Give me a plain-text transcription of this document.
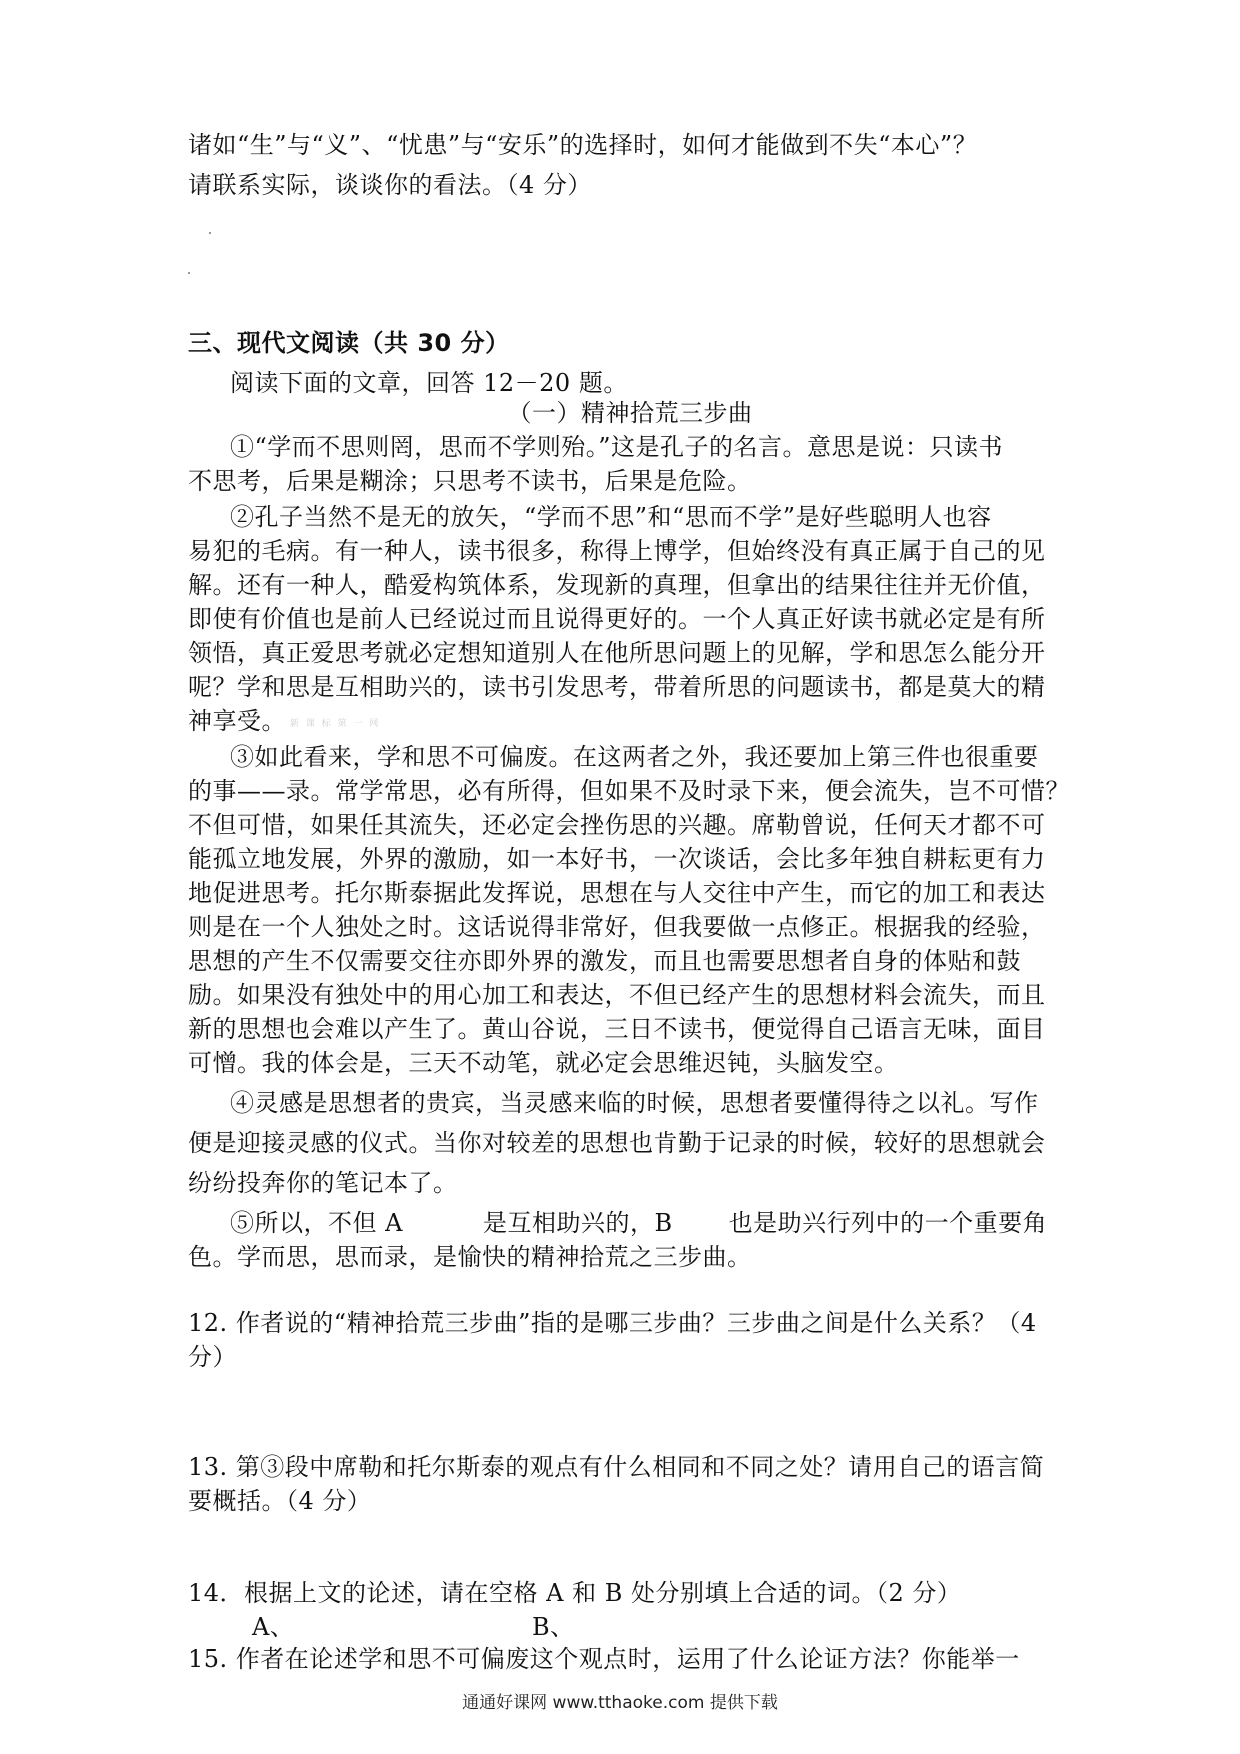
诸如“生”与“义”、“忧患”与“安乐”的选择时，如何才能做到不失“本心”？
请联系实际，谈谈你的看法。（4 分）
三、现代文阅读（共 30 分）
阅读下面的文章，回答 12－20 题。
（一）精神拾荒三步曲
①“学而不思则罔，思而不学则殆。”这是孔子的名言。意思是说：只读书
不思考，后果是糊涂；只思考不读书，后果是危险。
②孔子当然不是无的放矢，“学而不思”和“思而不学”是好些聪明人也容
易犯的毛病。有一种人，读书很多，称得上博学，但始终没有真正属于自己的见
解。还有一种人，酷爱构筑体系，发现新的真理，但拿出的结果往往并无价值，
即使有价值也是前人已经说过而且说得更好的。一个人真正好读书就必定是有所
领悟，真正爱思考就必定想知道别人在他所思问题上的见解，学和思怎么能分开
呢？学和思是互相助兴的，读书引发思考，带着所思的问题读书，都是莫大的精
神享受。 新 课 标 第 一 网
③如此看来，学和思不可偏废。在这两者之外，我还要加上第三件也很重要
的事——录。常学常思，必有所得，但如果不及时录下来，便会流失，岂不可惜？
不但可惜，如果任其流失，还必定会挫伤思的兴趣。席勒曾说，任何天才都不可
能孤立地发展，外界的激励，如一本好书，一次谈话，会比多年独自耕耘更有力
地促进思考。托尔斯泰据此发挥说，思想在与人交往中产生，而它的加工和表达
则是在一个人独处之时。这话说得非常好，但我要做一点修正。根据我的经验，
思想的产生不仅需要交往亦即外界的激发，而且也需要思想者自身的体贴和鼓
励。如果没有独处中的用心加工和表达，不但已经产生的思想材料会流失，而且
新的思想也会难以产生了。黄山谷说，三日不读书，便觉得自己语言无味，面目
可憎。我的体会是，三天不动笔，就必定会思维迟钝，头脑发空。
④灵感是思想者的贵宾，当灵感来临的时候，思想者要懂得待之以礼。写作
便是迎接灵感的仪式。当你对较差的思想也肯勤于记录的时候，较好的思想就会
纷纷投奔你的笔记本了。
⑤所以，不但 A	是互相助兴的，B 也是助兴行列中的一个重要角
色。学而思，思而录，是愉快的精神拾荒之三步曲。
12. 作者说的“精神拾荒三步曲”指的是哪三步曲？三步曲之间是什么关系？（4
分）
13. 第③段中席勒和托尔斯泰的观点有什么相同和不同之处？请用自己的语言简
要概括。（4 分）
14．根据上文的论述，请在空格 A 和 B 处分别填上合适的词。（2 分）
A、	B、
15. 作者在论述学和思不可偏废这个观点时，运用了什么论证方法？你能举一
通通好课网 www.tthaoke.com 提供下载
